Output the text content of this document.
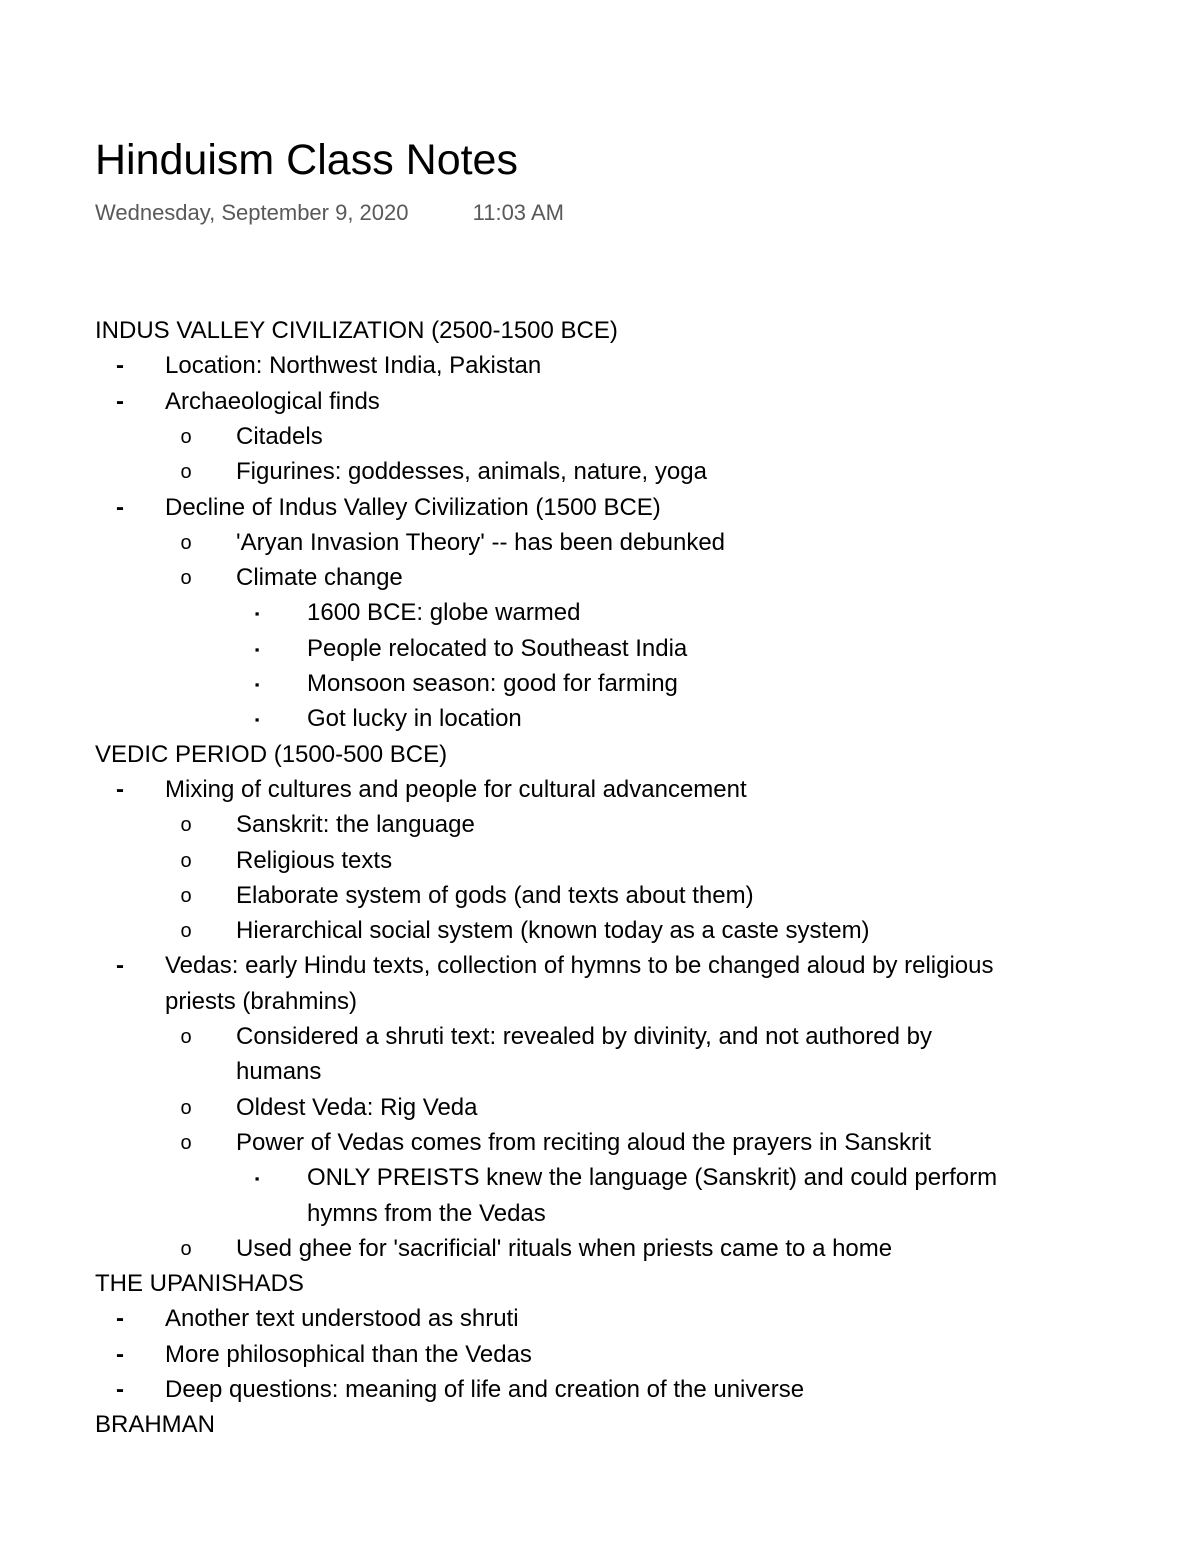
Hinduism Class Notes
Wednesday, September 9, 2020	11:03 AM
INDUS VALLEY CIVILIZATION (2500-1500 BCE)
-	Location: Northwest India, Pakistan
-	Archaeological finds
o	Citadels
o	Figurines: goddesses, animals, nature, yoga
-	Decline of Indus Valley Civilization (1500 BCE)
o	'Aryan Invasion Theory' -- has been debunked
o	Climate change
▪	1600 BCE: globe warmed
▪	People relocated to Southeast India
▪	Monsoon season: good for farming
▪	Got lucky in location
VEDIC PERIOD (1500-500 BCE)
-	Mixing of cultures and people for cultural advancement
o	Sanskrit: the language
o	Religious texts
o	Elaborate system of gods (and texts about them)
o	Hierarchical social system (known today as a caste system)
-	Vedas: early Hindu texts, collection of hymns to be changed aloud by religious
priests (brahmins)
o	Considered a shruti text: revealed by divinity, and not authored by
humans
o	Oldest Veda: Rig Veda
o	Power of Vedas comes from reciting aloud the prayers in Sanskrit
▪	ONLY PREISTS knew the language (Sanskrit) and could perform
hymns from the Vedas
o	Used ghee for 'sacrificial' rituals when priests came to a home
THE UPANISHADS
-	Another text understood as shruti
-	More philosophical than the Vedas
-	Deep questions: meaning of life and creation of the universe
BRAHMAN
